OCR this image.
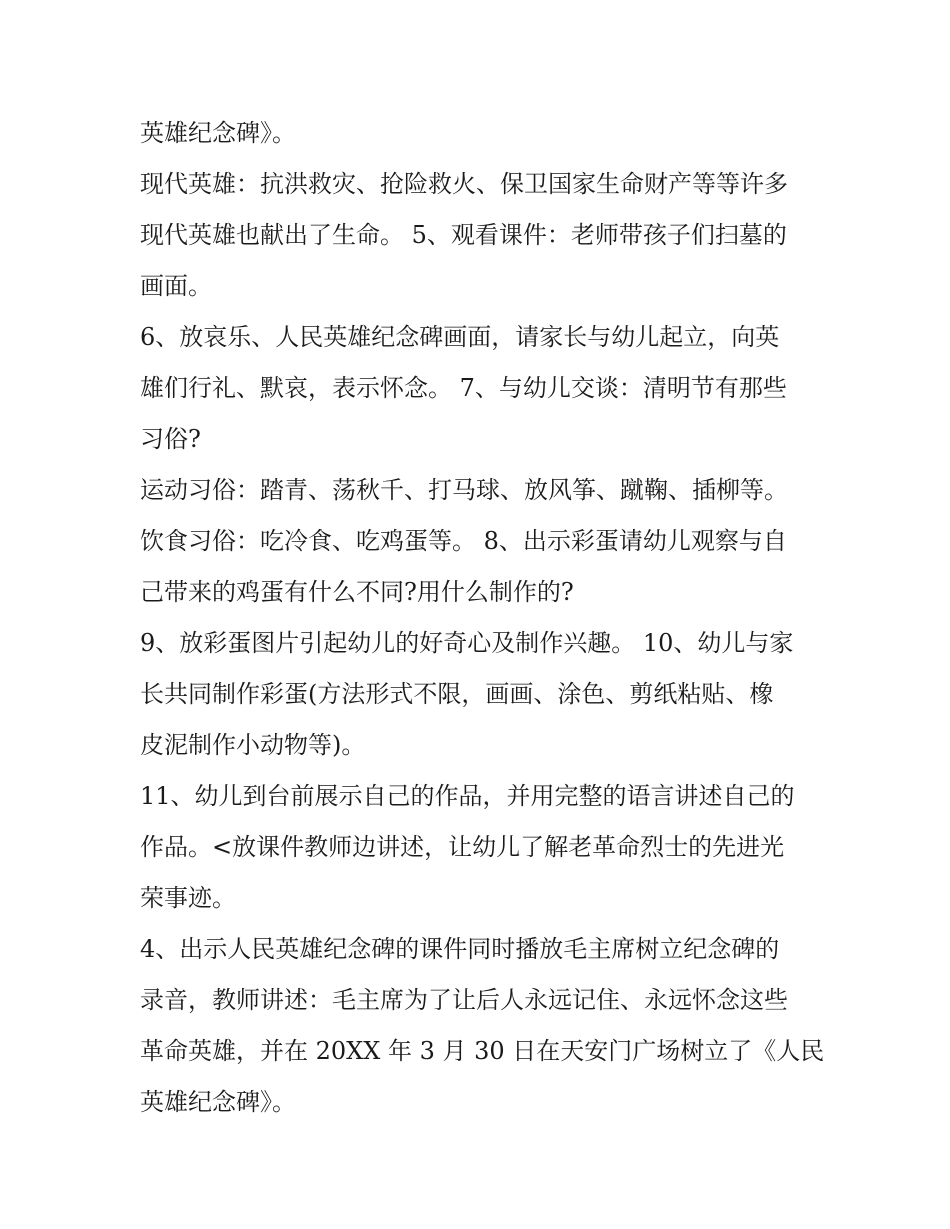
英雄纪念碑》。
现代英雄：抗洪救灾、抢险救火、保卫国家生命财产等等许多
现代英雄也献出了生命。 5、观看课件：老师带孩子们扫墓的
画面。
6、放哀乐、人民英雄纪念碑画面，请家长与幼儿起立，向英
雄们行礼、默哀，表示怀念。 7、与幼儿交谈：清明节有那些
习俗?
运动习俗：踏青、荡秋千、打马球、放风筝、蹴鞠、插柳等。
饮食习俗：吃冷食、吃鸡蛋等。 8、出示彩蛋请幼儿观察与自
己带来的鸡蛋有什么不同?用什么制作的?
9、放彩蛋图片引起幼儿的好奇心及制作兴趣。 10、幼儿与家
长共同制作彩蛋(方法形式不限，画画、涂色、剪纸粘贴、橡
皮泥制作小动物等)。
11、幼儿到台前展示自己的作品，并用完整的语言讲述自己的
作品。<放课件教师边讲述，让幼儿了解老革命烈士的先进光
荣事迹。
4、出示人民英雄纪念碑的课件同时播放毛主席树立纪念碑的
录音，教师讲述：毛主席为了让后人永远记住、永远怀念这些
革命英雄，并在 20XX 年 3 月 30 日在天安门广场树立了《人民
英雄纪念碑》。
